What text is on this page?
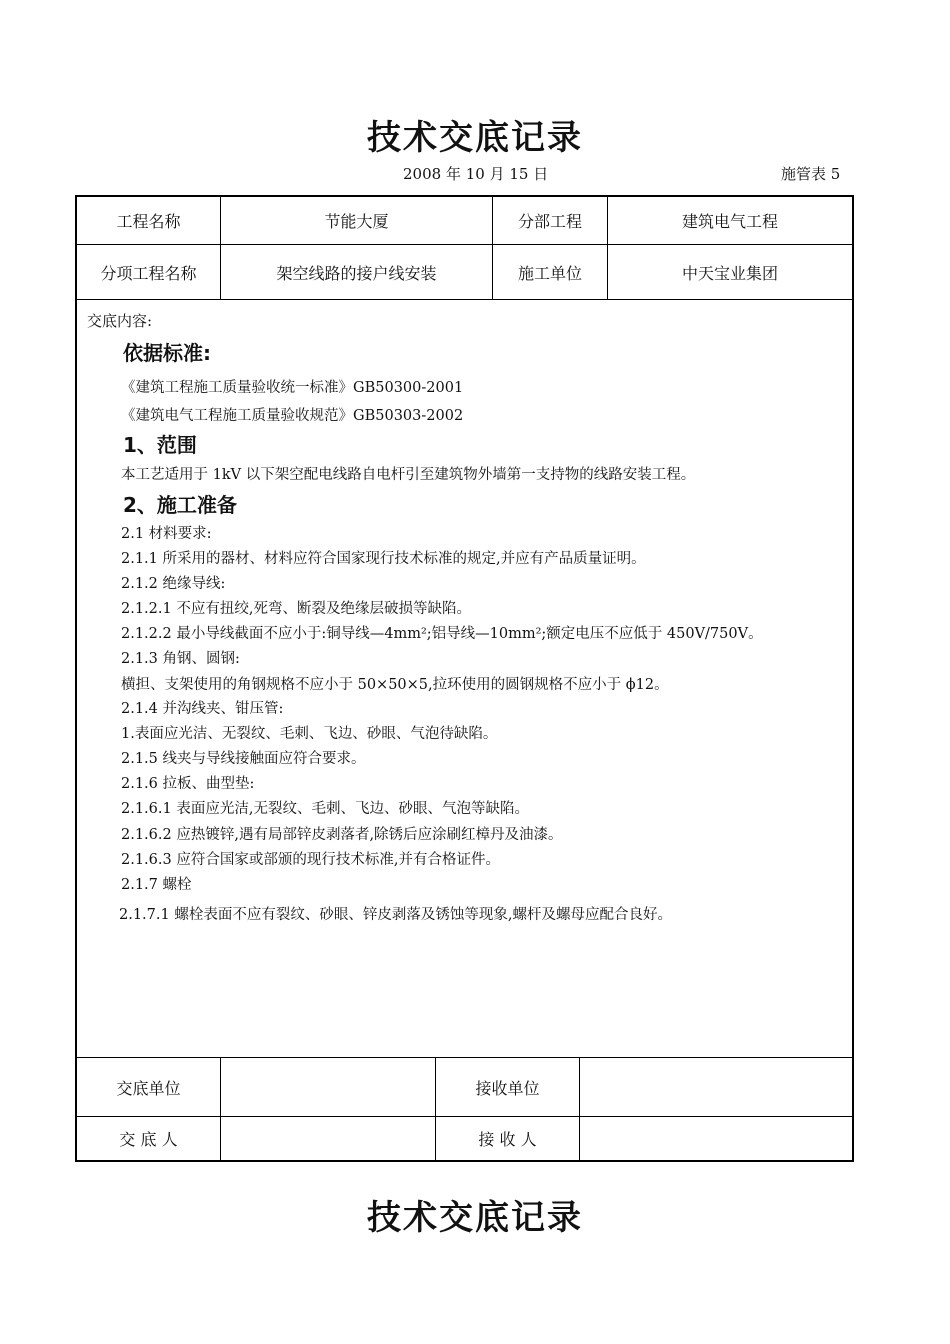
技术交底记录
2008 年 10 月 15 日	施管表 5
工程名称	节能大厦	分部工程	建筑电气工程
分项工程名称	架空线路的接户线安装	施工单位	中天宝业集团
交底内容:
依据标准:
《建筑工程施工质量验收统一标准》GB50300-2001
《建筑电气工程施工质量验收规范》GB50303-2002
1、范围
本工艺适用于 1kV 以下架空配电线路自电杆引至建筑物外墙第一支持物的线路安装工程。
2、施工准备
2.1 材料要求:
2.1.1 所采用的器材、材料应符合国家现行技术标准的规定,并应有产品质量证明。
2.1.2 绝缘导线:
2.1.2.1 不应有扭绞,死弯、断裂及绝缘层破损等缺陷。
2.1.2.2 最小导线截面不应小于:铜导线—4mm²;铝导线—10mm²;额定电压不应低于 450V/750V。
2.1.3 角钢、圆钢:
横担、支架使用的角钢规格不应小于 50×50×5,拉环使用的圆钢规格不应小于 ϕ12。
2.1.4 并沟线夹、钳压管:
1.表面应光洁、无裂纹、毛刺、飞边、砂眼、气泡待缺陷。
2.1.5 线夹与导线接触面应符合要求。
2.1.6 拉板、曲型垫:
2.1.6.1 表面应光洁,无裂纹、毛刺、飞边、砂眼、气泡等缺陷。
2.1.6.2 应热镀锌,遇有局部锌皮剥落者,除锈后应涂刷红樟丹及油漆。
2.1.6.3 应符合国家或部颁的现行技术标准,并有合格证件。
2.1.7 螺栓
2.1.7.1 螺栓表面不应有裂纹、砂眼、锌皮剥落及锈蚀等现象,螺杆及螺母应配合良好。
交底单位	接收单位
交 底 人	接 收 人
技术交底记录
